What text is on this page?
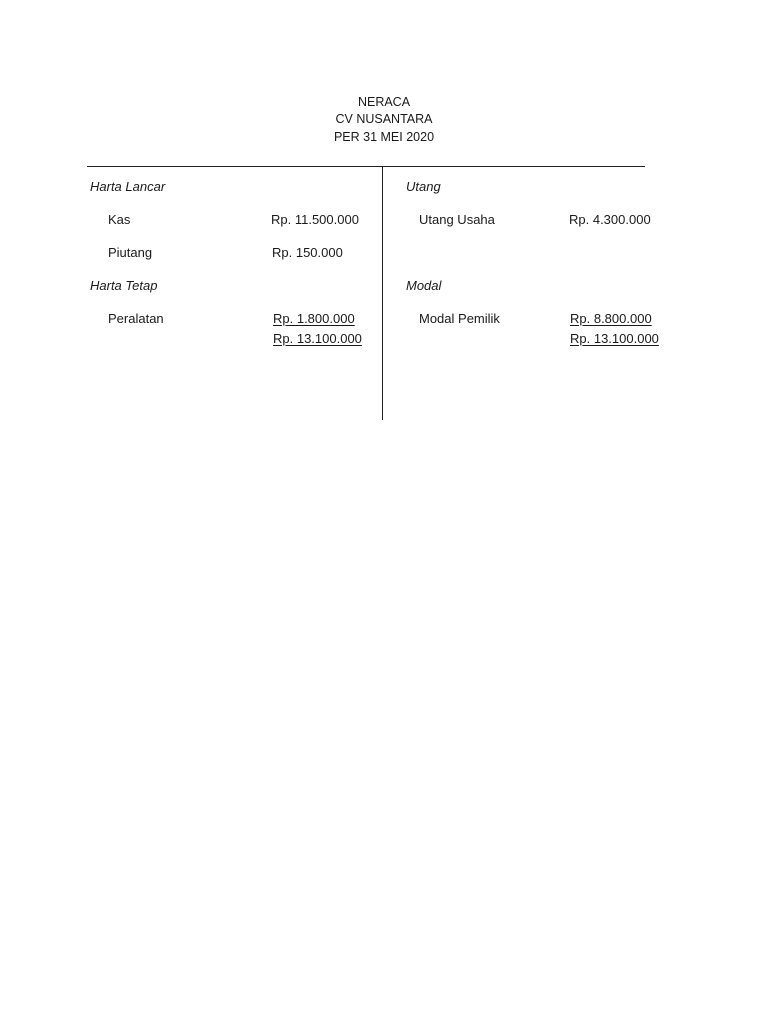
NERACA
CV NUSANTARA
PER 31 MEI 2020
Harta Lancar
Kas	Rp. 11.500.000
Piutang	Rp. 150.000
Harta Tetap
Peralatan	Rp. 1.800.000
Rp. 13.100.000
Utang
Utang Usaha	Rp. 4.300.000
Modal
Modal Pemilik	Rp. 8.800.000
Rp. 13.100.000
